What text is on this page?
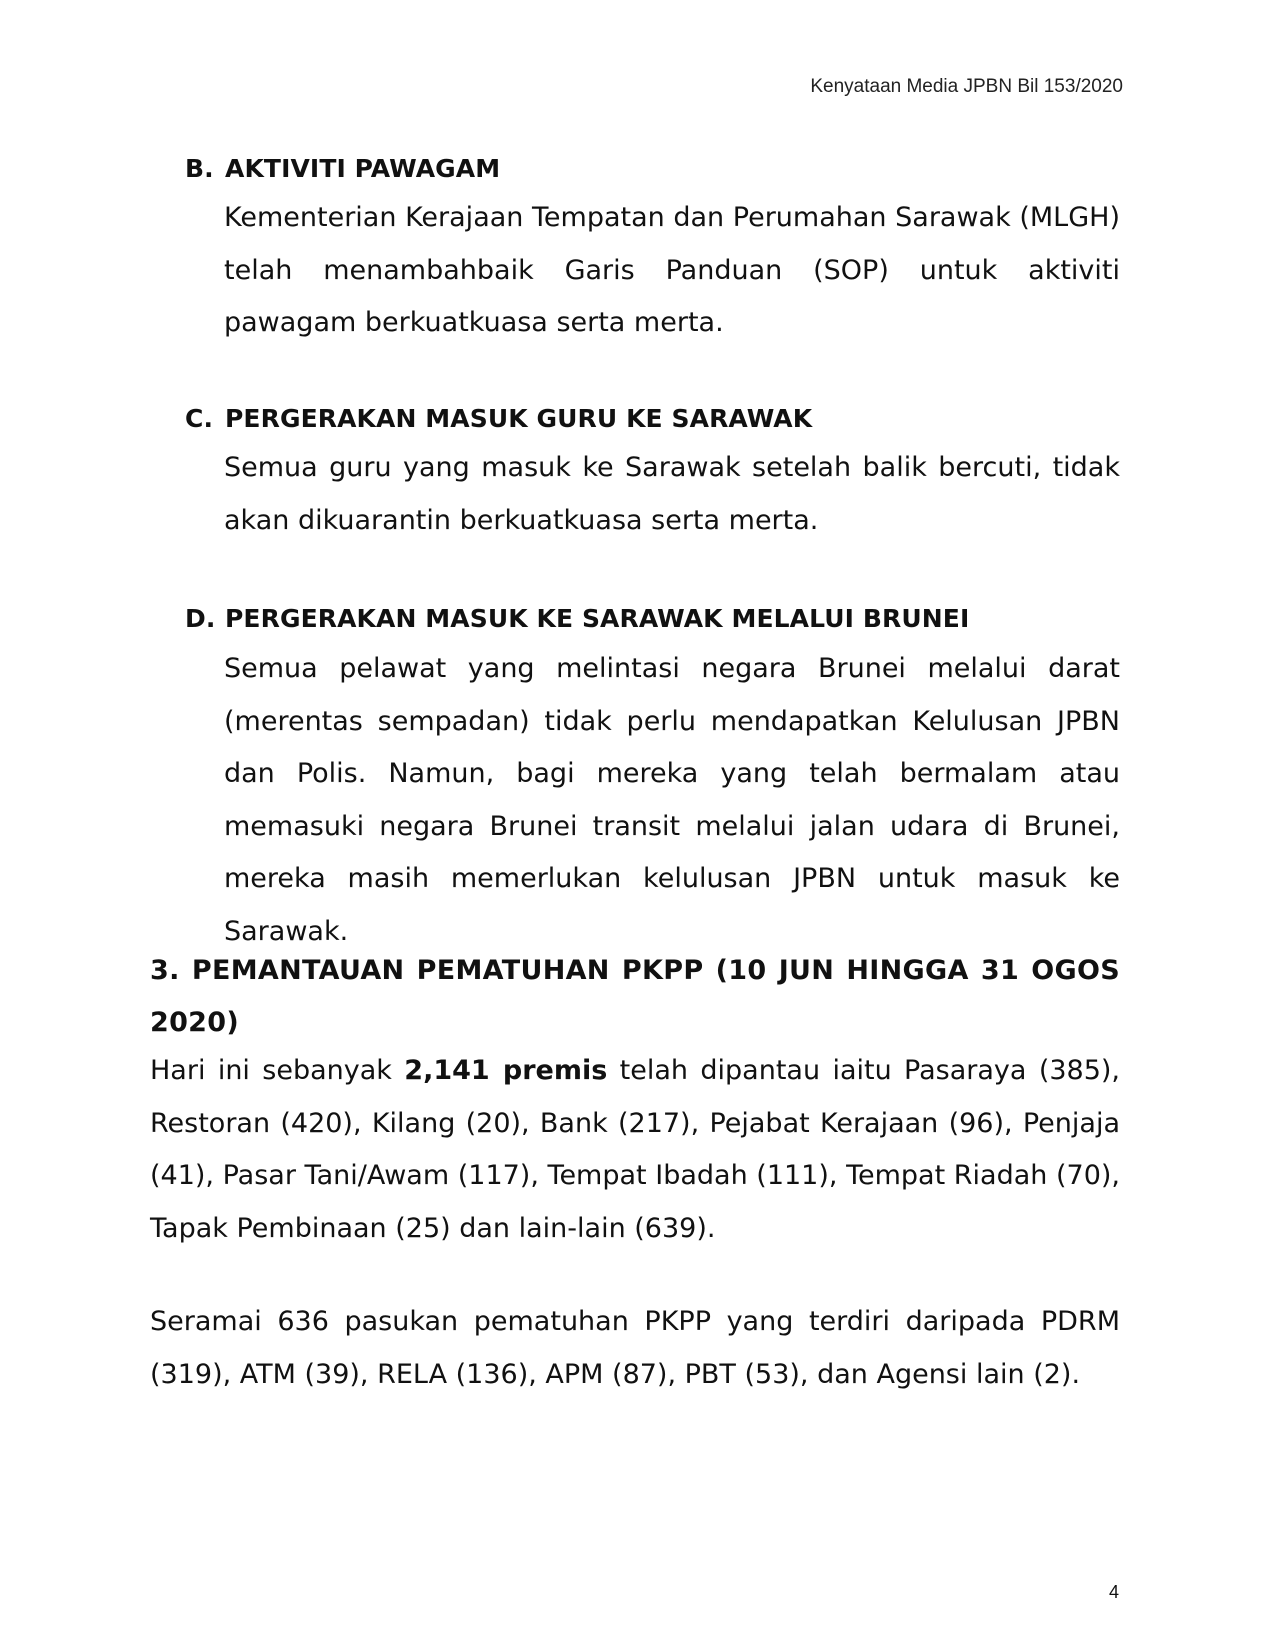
Kenyataan Media JPBN Bil 153/2020
B. AKTIVITI PAWAGAM
Kementerian Kerajaan Tempatan dan Perumahan Sarawak (MLGH) telah menambahbaik Garis Panduan (SOP) untuk aktiviti pawagam berkuatkuasa serta merta.
C. PERGERAKAN MASUK GURU KE SARAWAK
Semua guru yang masuk ke Sarawak setelah balik bercuti, tidak akan dikuarantin berkuatkuasa serta merta.
D. PERGERAKAN MASUK KE SARAWAK MELALUI BRUNEI
Semua pelawat yang melintasi negara Brunei melalui darat (merentas sempadan) tidak perlu mendapatkan Kelulusan JPBN dan Polis. Namun, bagi mereka yang telah bermalam atau memasuki negara Brunei transit melalui jalan udara di Brunei, mereka masih memerlukan kelulusan JPBN untuk masuk ke Sarawak.
3. PEMANTAUAN PEMATUHAN PKPP (10 JUN HINGGA 31 OGOS 2020)
Hari ini sebanyak 2,141 premis telah dipantau iaitu Pasaraya (385), Restoran (420), Kilang (20), Bank (217), Pejabat Kerajaan (96), Penjaja (41), Pasar Tani/Awam (117), Tempat Ibadah (111), Tempat Riadah (70), Tapak Pembinaan (25) dan lain-lain (639).
Seramai 636 pasukan pematuhan PKPP yang terdiri daripada PDRM (319), ATM (39), RELA (136), APM (87), PBT (53), dan Agensi lain (2).
4
